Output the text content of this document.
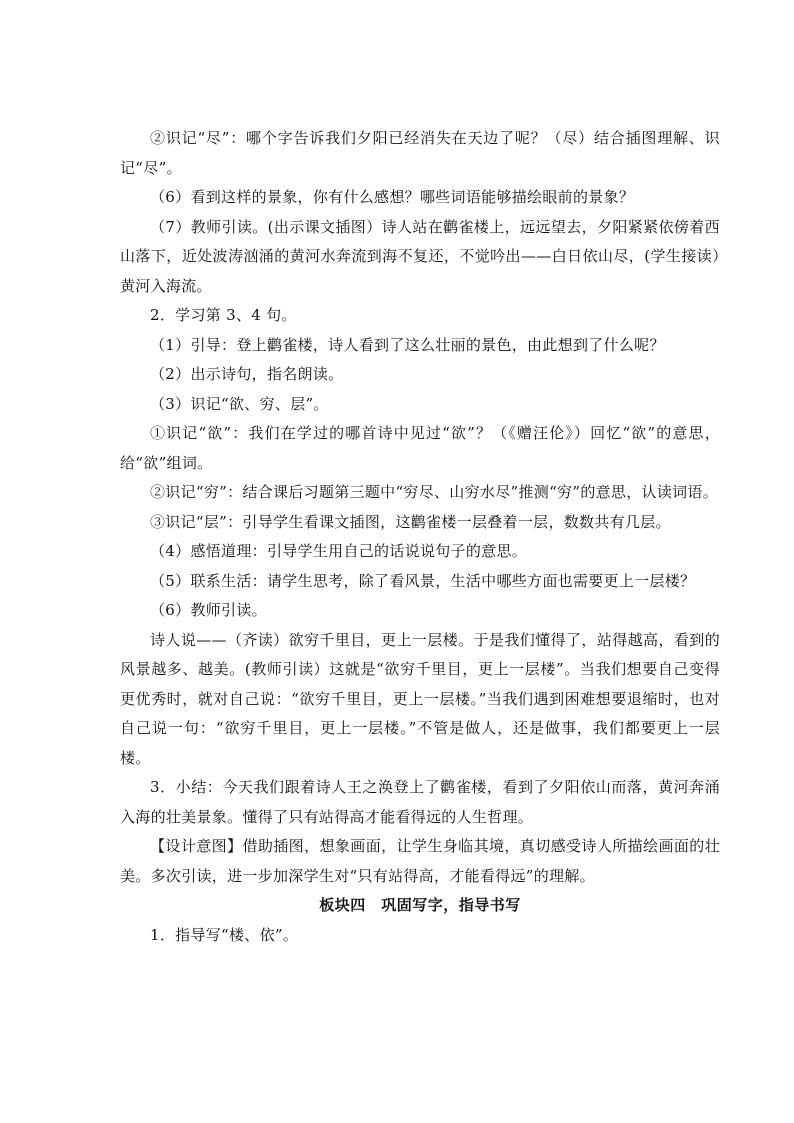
②识记“尽”：哪个字告诉我们夕阳已经消失在天边了呢？（尽）结合插图理解、识记“尽”。

（6）看到这样的景象，你有什么感想？哪些词语能够描绘眼前的景象？

（7）教师引读。(出示课文插图）诗人站在鹳雀楼上，远远望去，夕阳紧紧依傍着西山落下，近处波涛汹涌的黄河水奔流到海不复还，不觉吟出——白日依山尽，(学生接读）黄河入海流。

2．学习第 3、4 句。

（1）引导：登上鹳雀楼，诗人看到了这么壮丽的景色，由此想到了什么呢？

（2）出示诗句，指名朗读。

（3）识记“欲、穷、层”。

①识记“欲”：我们在学过的哪首诗中见过“欲”？（《赠汪伦》）回忆“欲”的意思，给“欲”组词。

②识记“穷”：结合课后习题第三题中“穷尽、山穷水尽”推测“穷”的意思，认读词语。

③识记“层”：引导学生看课文插图，这鹳雀楼一层叠着一层，数数共有几层。

（4）感悟道理：引导学生用自己的话说说句子的意思。

（5）联系生活：请学生思考，除了看风景，生活中哪些方面也需要更上一层楼？

（6）教师引读。

诗人说——（齐读）欲穷千里目，更上一层楼。于是我们懂得了，站得越高，看到的风景越多、越美。(教师引读）这就是“欲穷千里目，更上一层楼”。当我们想要自己变得更优秀时，就对自己说：“欲穷千里目，更上一层楼。”当我们遇到困难想要退缩时，也对自己说一句：“欲穷千里目，更上一层楼。”不管是做人，还是做事，我们都要更上一层楼。

3．小结：今天我们跟着诗人王之涣登上了鹳雀楼，看到了夕阳依山而落，黄河奔涌入海的壮美景象。懂得了只有站得高才能看得远的人生哲理。

【设计意图】借助插图，想象画面，让学生身临其境，真切感受诗人所描绘画面的壮美。多次引读，进一步加深学生对“只有站得高，才能看得远”的理解。

板块四　巩固写字，指导书写

1．指导写“楼、依”。
